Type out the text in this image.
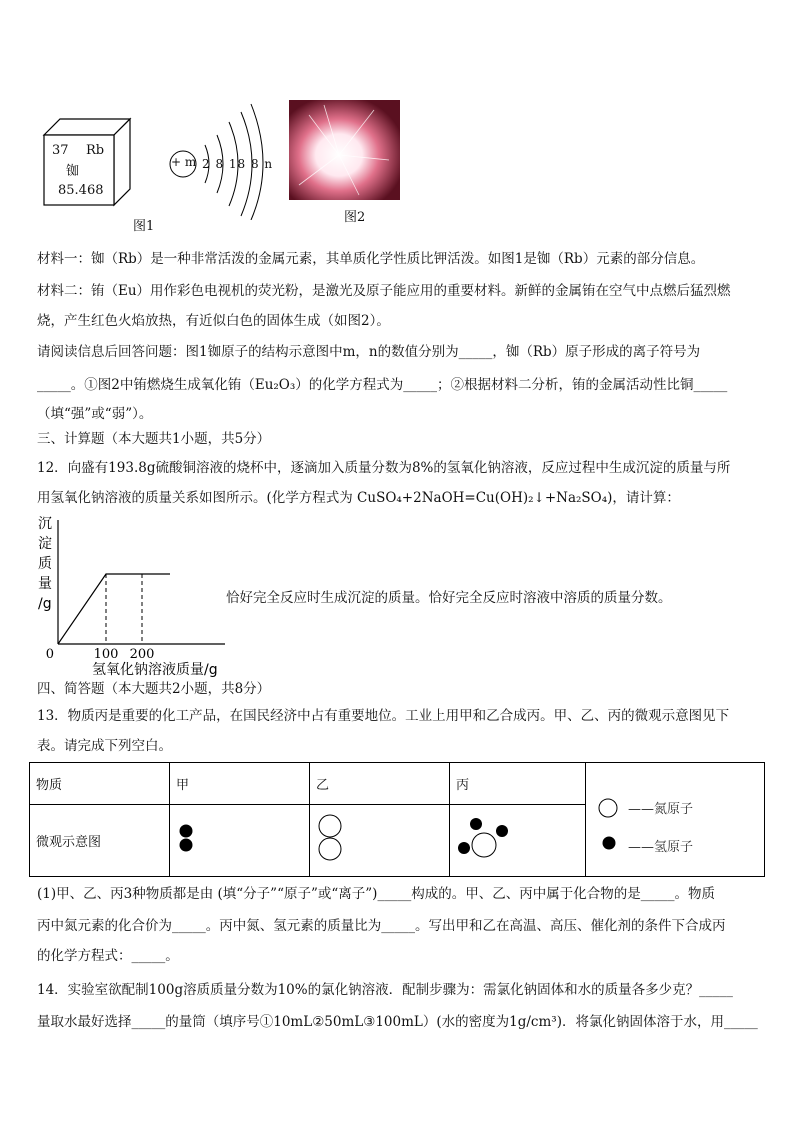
37 Rb
铷
85.468
+ m 2 8 18 8 n
图1
图2
材料一：铷（Rb）是一种非常活泼的金属元素，其单质化学性质比钾活泼。如图1是铷（Rb）元素的部分信息。
材料二：铕（Eu）用作彩色电视机的荧光粉，是激光及原子能应用的重要材料。新鲜的金属铕在空气中点燃后猛烈燃
烧，产生红色火焰放热，有近似白色的固体生成（如图2）。
请阅读信息后回答问题：图1铷原子的结构示意图中m，n的数值分别为_____，铷（Rb）原子形成的离子符号为
_____。①图2中铕燃烧生成氧化铕（Eu₂O₃）的化学方程式为_____；②根据材料二分析，铕的金属活动性比铜_____
（填“强”或“弱”）。
三、计算题（本大题共1小题，共5分）
12．向盛有193.8g硫酸铜溶液的烧杯中，逐滴加入质量分数为8%的氢氧化钠溶液，反应过程中生成沉淀的质量与所
用氢氧化钠溶液的质量关系如图所示。(化学方程式为 CuSO₄+2NaOH=Cu(OH)₂↓+Na₂SO₄)，请计算：
沉
淀
质
量
/g
0	100 200
氢氧化钠溶液质量/g
恰好完全反应时生成沉淀的质量。恰好完全反应时溶液中溶质的质量分数。
四、简答题（本大题共2小题，共8分）
13．物质丙是重要的化工产品，在国民经济中占有重要地位。工业上用甲和乙合成丙。甲、乙、丙的微观示意图见下
表。请完成下列空白。
物质	甲	乙	丙	——氮原子
——氢原子

微观示意图			
(1)甲、乙、丙3种物质都是由 (填“分子”“原子”或“离子”)_____构成的。甲、乙、丙中属于化合物的是_____。物质
丙中氮元素的化合价为_____。丙中氮、氢元素的质量比为_____。写出甲和乙在高温、高压、催化剂的条件下合成丙
的化学方程式：_____。
14．实验室欲配制100g溶质质量分数为10%的氯化钠溶液．配制步骤为：需氯化钠固体和水的质量各多少克？_____
量取水最好选择_____的量筒（填序号①10mL②50mL③100mL）(水的密度为1g/cm³)．将氯化钠固体溶于水，用_____
